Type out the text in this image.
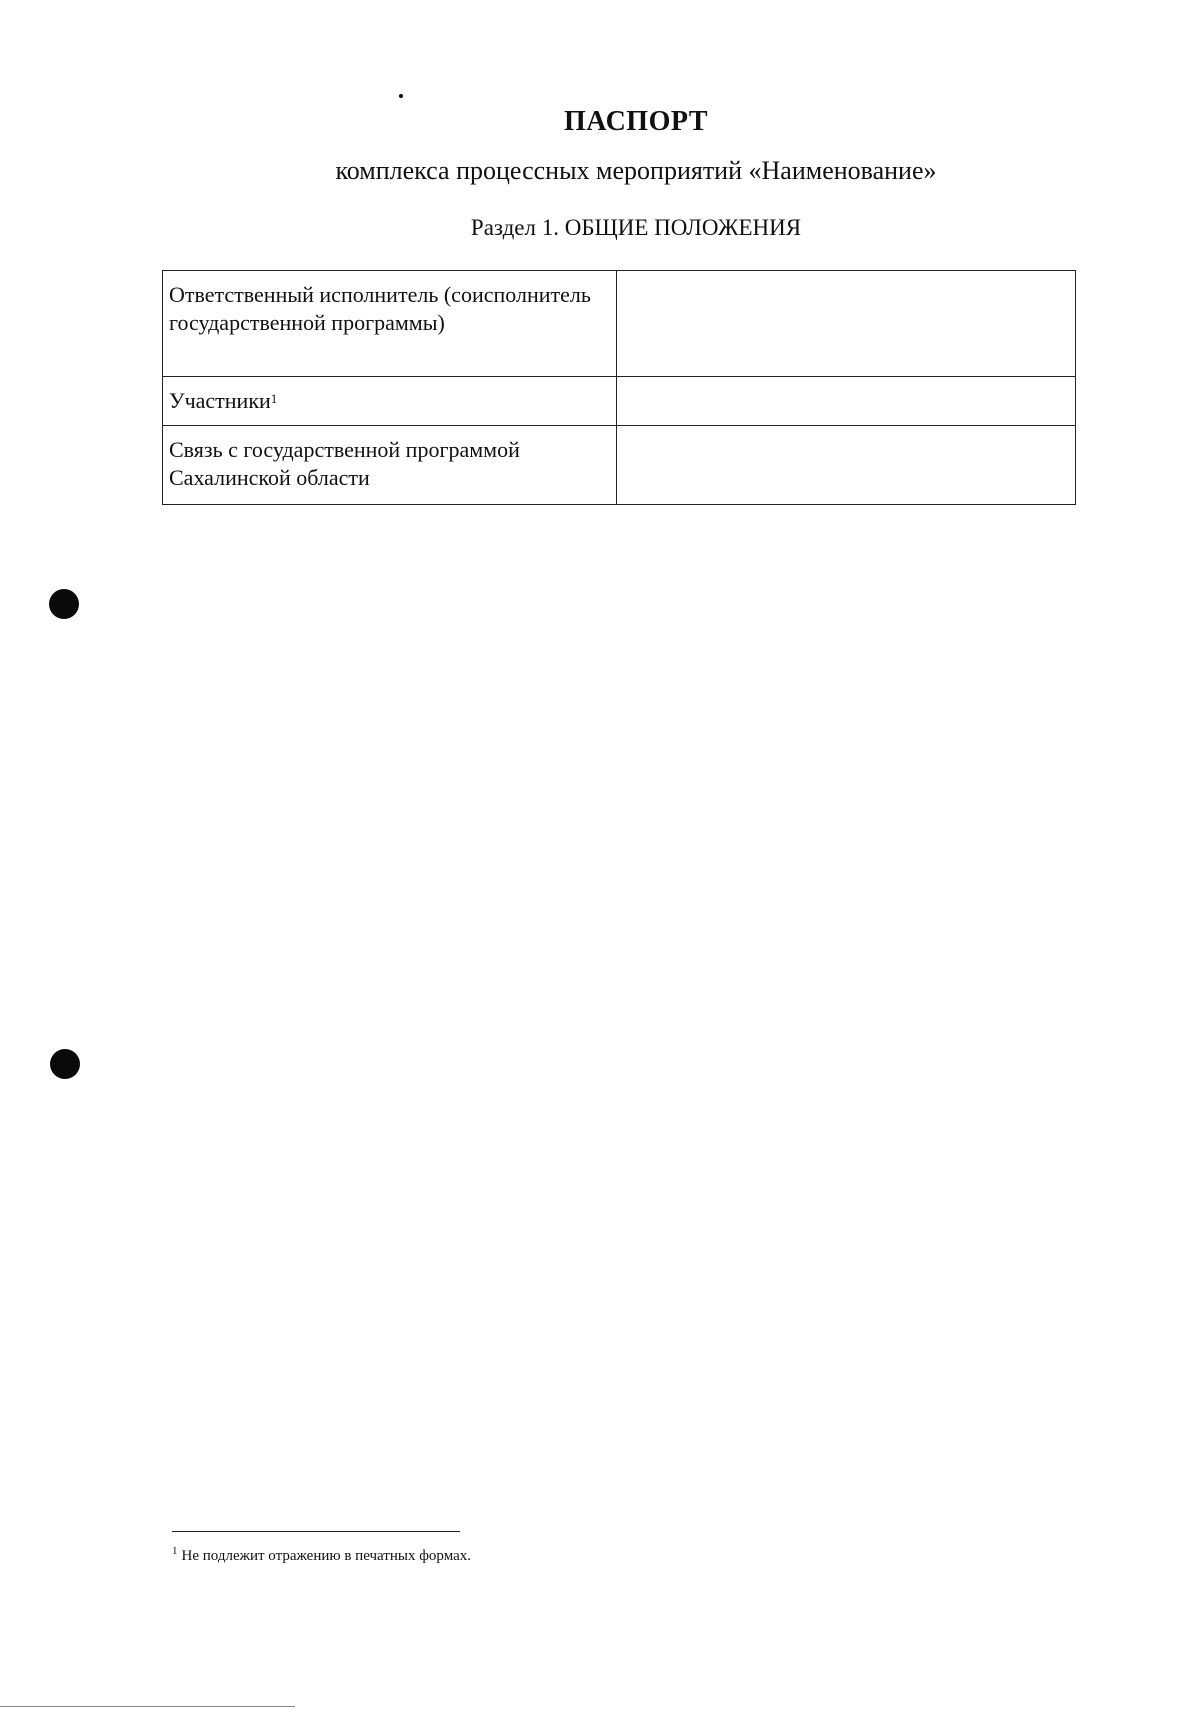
ПАСПОРТ
комплекса процессных мероприятий «Наименование»
Раздел 1. ОБЩИЕ ПОЛОЖЕНИЯ
Ответственный исполнитель (соисполнитель государственной программы)	
Участники$^1$	
Связь с государственной программой Сахалинской области	
$^1$ Не подлежит отражению в печатных формах.
